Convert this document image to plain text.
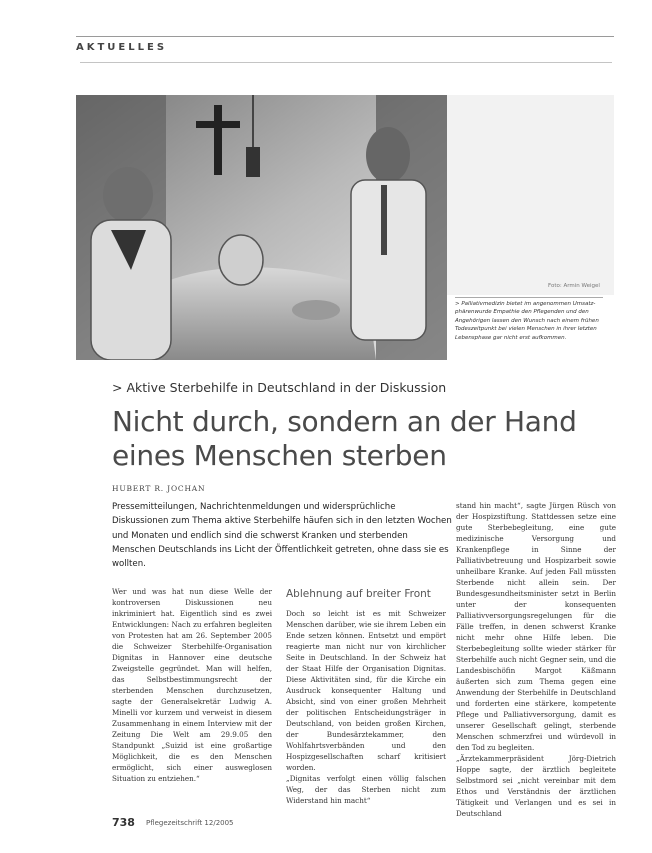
AKTUELLES
Foto: Armin Weigel
> Palliativmedizin bietet im angenommen Umsatz-phärenwurde Empathie den Pflegenden und den Angehörigen lassen den Wunsch nach einem frühen Todeszeitpunkt bei vielen Menschen in ihrer letzten Lebensphase gar nicht erst aufkommen.
> Aktive Sterbehilfe in Deutschland in der Diskussion
Nicht durch, sondern an der Hand eines Menschen sterben
HUBERT R. JOCHAN

Pressemitteilungen, Nachrichtenmeldungen und widersprüchliche Diskussionen zum Thema aktive Sterbehilfe häufen sich in den letzten Wochen und Monaten und endlich sind die schwerst Kranken und sterbenden Menschen Deutschlands ins Licht der Öffentlichkeit getreten, ohne dass sie es wollten.

Wer und was hat nun diese Welle der kontroversen Diskussionen neu inkriminiert hat. Eigentlich sind es zwei Entwicklungen: Nach zu erfahren begleiten von Protesten hat am 26. September 2005 die Schweizer Sterbehilfe-Organisation Dignitas in Hannover eine deutsche Zweigstelle gegründet. Man will helfen, das Selbstbestimmungsrecht der sterbenden Menschen durchzusetzen, sagte der Generalsekretär Ludwig A. Minelli vor kurzem und verweist in diesem Zusammenhang in einem Interview mit der Zeitung Die Welt am 29.9.05 den Standpunkt „Suizid ist eine großartige Möglichkeit, die es den Menschen ermöglicht, sich einer ausweglosen Situation zu entziehen.“

Ablehnung auf breiter Front

Doch so leicht ist es mit Schweizer Menschen darüber, wie sie ihrem Leben ein Ende setzen können. Entsetzt und empört reagierte man nicht nur von kirchlicher Seite in Deutschland. In der Schweiz hat der Staat Hilfe der Organisation Dignitas. Diese Aktivitäten sind, für die Kirche ein Ausdruck konsequenter Haltung und Absicht, sind von einer großen Mehrheit der politischen Entscheidungsträger in Deutschland, von beiden großen Kirchen, der Bundesärztekammer, den Wohlfahrtsverbänden und den Hospizgesellschaften scharf kritisiert worden.
„Dignitas verfolgt einen völlig falschen Weg, der das Sterben nicht zum Widerstand hin macht“

stand hin macht“, sagte Jürgen Rüsch von der Hospizstiftung. Stattdessen setze eine gute Sterbebegleitung, eine gute medizinische Versorgung und Krankenpflege in Sinne der Palliativbetreuung und Hospizarbeit sowie unheilbare Kranke. Auf jeden Fall müssten Sterbende nicht allein sein. Der Bundesgesundheitsminister setzt in Berlin unter der konsequenten Palliativversorgungsregelungen für die Fälle treffen, in denen schwerst Kranke nicht mehr ohne Hilfe leben. Die Sterbebegleitung sollte wieder stärker für Sterbehilfe auch nicht Gegner sein, und die Landesbischöfin Margot Käßmann äußerten sich zum Thema gegen eine Anwendung der Sterbehilfe in Deutschland und forderten eine stärkere, kompetente Pflege und Palliativversorgung, damit es unserer Gesellschaft gelingt, sterbende Menschen schmerzfrei und würdevoll in den Tod zu begleiten.
„Ärztekammerpräsident Jörg-Dietrich Hoppe sagte, der ärztlich begleitete Selbstmord sei „nicht vereinbar mit dem Ethos und Verständnis der ärztlichen Tätigkeit und Verlangen und es sei in Deutschland

738 Pflegezeitschrift 12/2005
